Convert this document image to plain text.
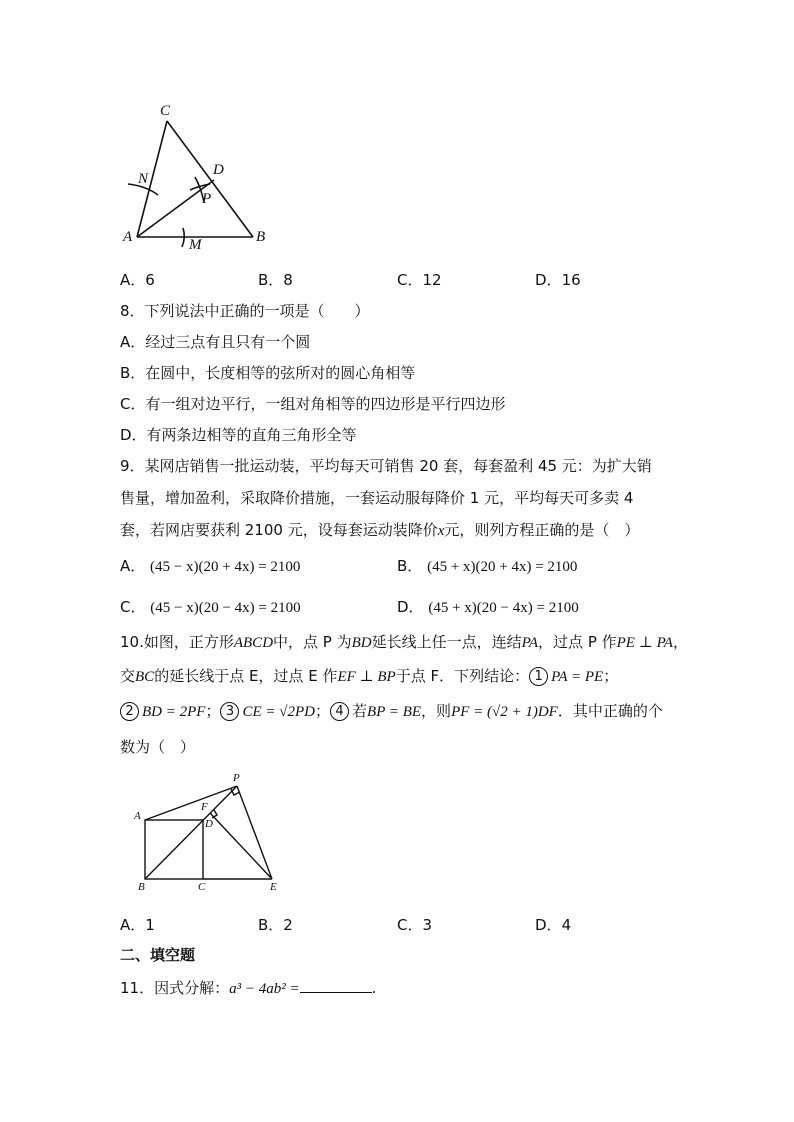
C
N
D
P
A	M	B
A．6	B．8	C．12	D．16
8．下列说法中正确的一项是（　　）
A．经过三点有且只有一个圆
B．在圆中，长度相等的弦所对的圆心角相等
C．有一组对边平行，一组对角相等的四边形是平行四边形
D．有两条边相等的直角三角形全等
9．某网店销售一批运动装，平均每天可销售 20 套，每套盈利 45 元：为扩大销
售量，增加盈利，采取降价措施，一套运动服每降价 1 元，平均每天可多卖 4
套，若网店要获利 2100 元，设每套运动装降价x元，则列方程正确的是（　）
A． (45 − x)(20 + 4x) = 2100	B． (45 + x)(20 + 4x) = 2100
C． (45 − x)(20 − 4x) = 2100	D． (45 + x)(20 − 4x) = 2100
10.如图，正方形ABCD中，点 P 为BD延长线上任一点，连结PA，过点 P 作PE ⊥ PA，
交BC的延长线于点 E，过点 E 作EF ⊥ BP于点 F．下列结论： 1 PA = PE；
2 BD = 2PF； 3 CE = √2PD； 4 若BP = BE，则PF = (√2 + 1)DF．其中正确的个
数为（　）
P
A
F
D
B	C	E
A．1	B．2	C．3	D．4
二、填空题
11．因式分解：a³ − 4ab² =	.
